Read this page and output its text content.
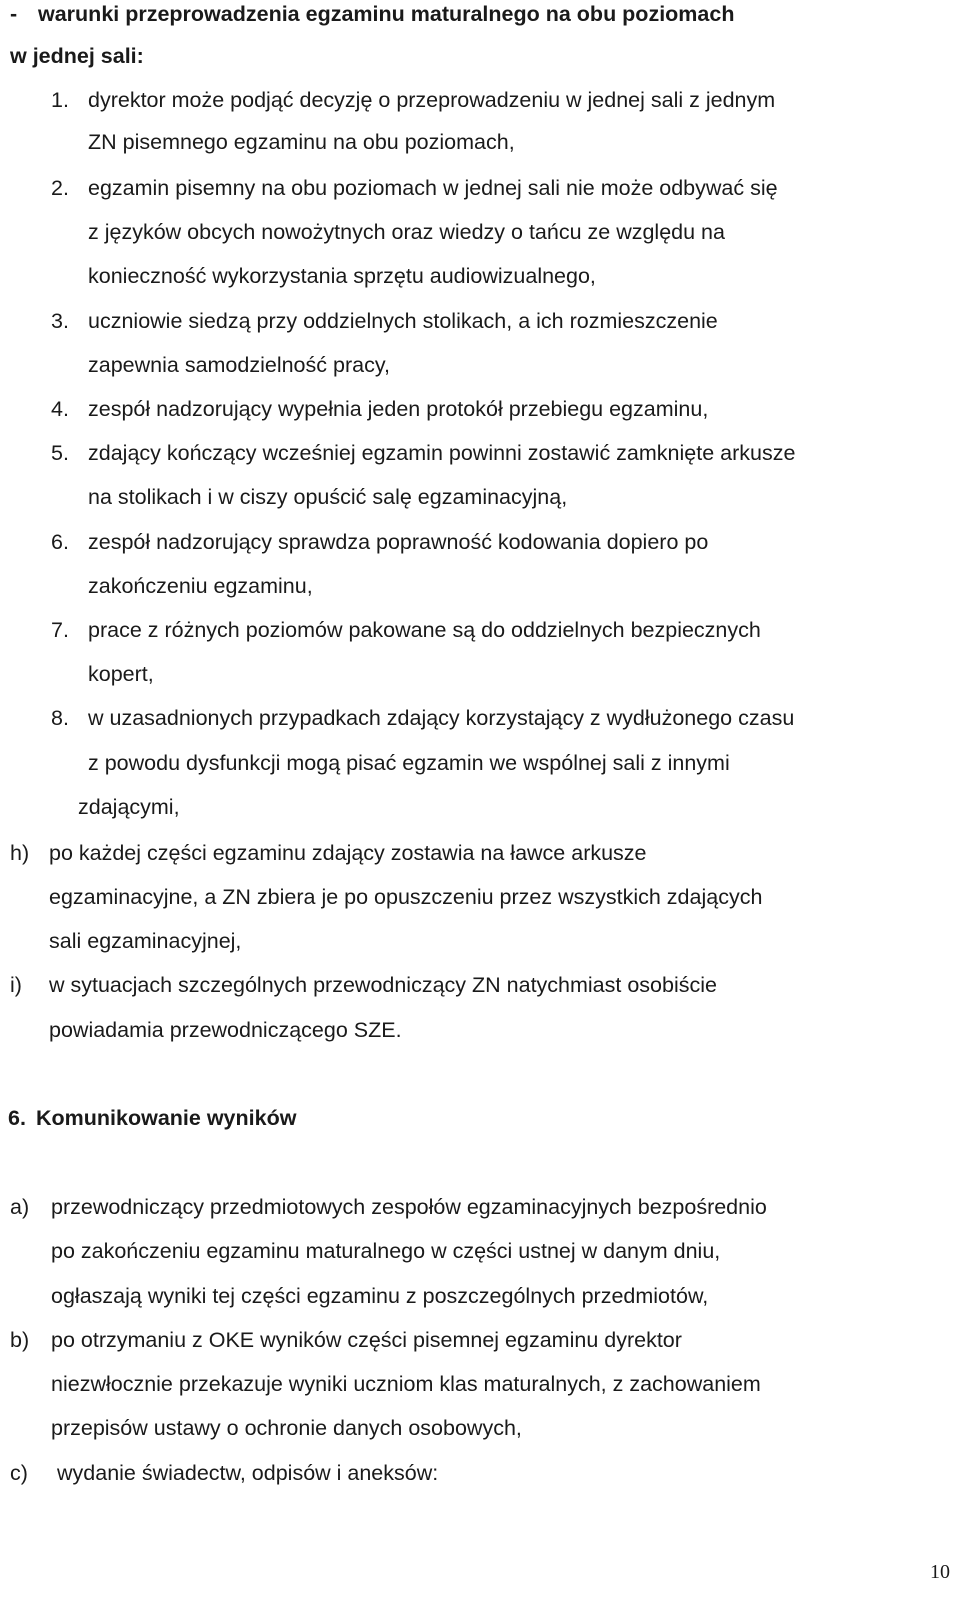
- warunki przeprowadzenia egzaminu maturalnego na obu poziomach
w jednej sali:
1. dyrektor może podjąć decyzję o przeprowadzeniu w jednej sali z jednym
ZN pisemnego egzaminu na obu poziomach,
2. egzamin pisemny na obu poziomach w jednej sali nie może odbywać się
z języków obcych nowożytnych oraz wiedzy o tańcu ze względu na
konieczność wykorzystania sprzętu audiowizualnego,
3. uczniowie siedzą przy oddzielnych stolikach, a ich rozmieszczenie
zapewnia samodzielność pracy,
4. zespół nadzorujący wypełnia jeden protokół przebiegu egzaminu,
5. zdający kończący wcześniej egzamin powinni zostawić zamknięte arkusze
na stolikach i w ciszy opuścić salę egzaminacyjną,
6. zespół nadzorujący sprawdza poprawność kodowania dopiero po
zakończeniu egzaminu,
7. prace z różnych poziomów pakowane są do oddzielnych bezpiecznych
kopert,
8. w uzasadnionych przypadkach zdający korzystający z wydłużonego czasu
z powodu dysfunkcji mogą pisać egzamin we wspólnej sali z innymi
zdającymi,
h) po każdej części egzaminu zdający zostawia na ławce arkusze
egzaminacyjne, a ZN zbiera je po opuszczeniu przez wszystkich zdających
sali egzaminacyjnej,
i) w sytuacjach szczególnych przewodniczący ZN natychmiast osobiście
powiadamia przewodniczącego SZE.
6. Komunikowanie wyników
a) przewodniczący przedmiotowych zespołów egzaminacyjnych bezpośrednio
po zakończeniu egzaminu maturalnego w części ustnej w danym dniu,
ogłaszają wyniki tej części egzaminu z poszczególnych przedmiotów,
b) po otrzymaniu z OKE wyników części pisemnej egzaminu dyrektor
niezwłocznie przekazuje wyniki uczniom klas maturalnych, z zachowaniem
przepisów ustawy o ochronie danych osobowych,
c) wydanie świadectw, odpisów i aneksów:
10
